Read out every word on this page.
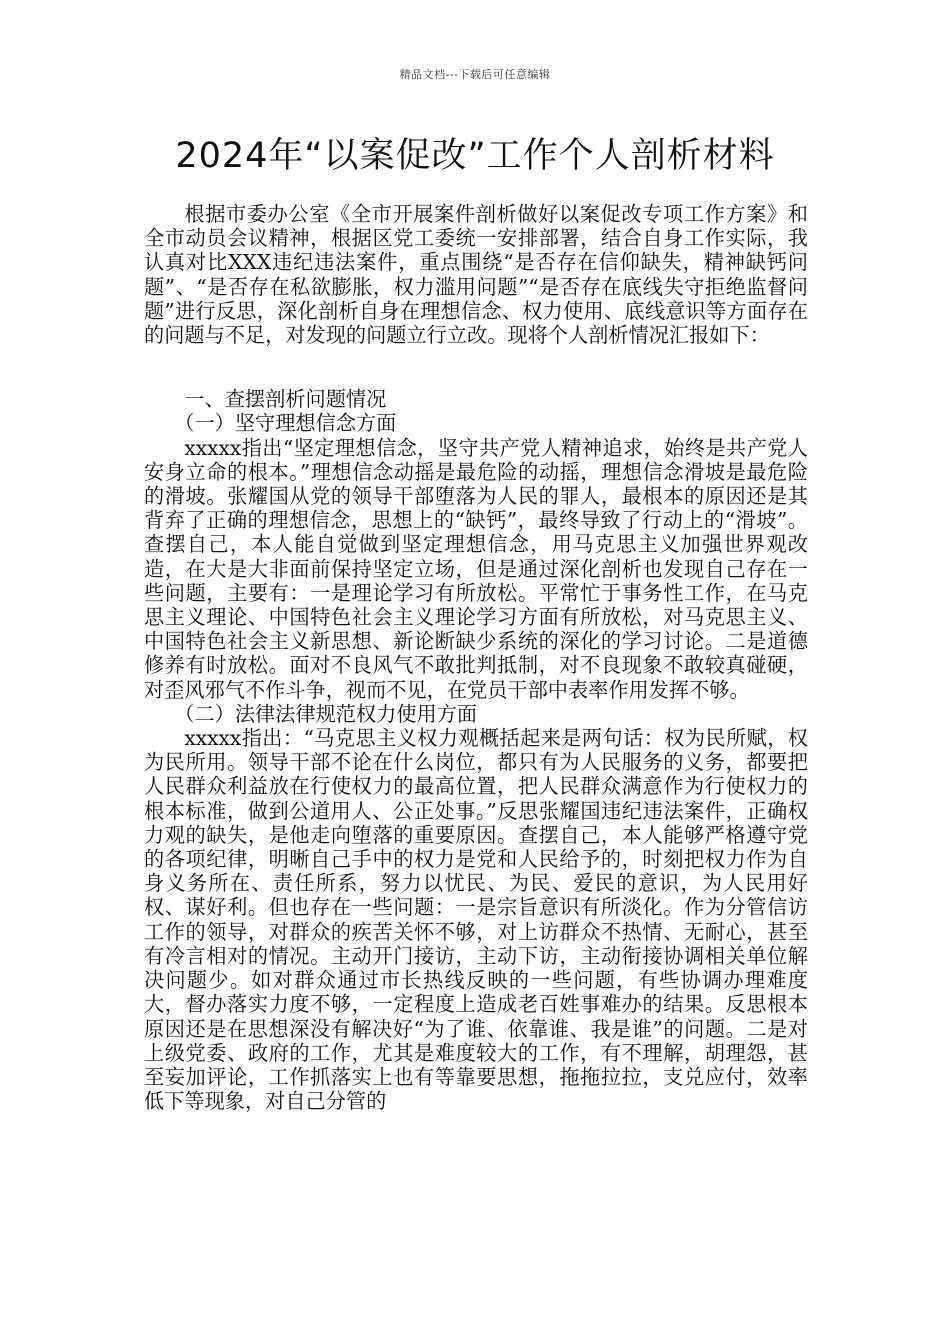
精品文档---下载后可任意编辑
2024年“以案促改”工作个人剖析材料

根据市委办公室《全市开展案件剖析做好以案促改专项工作方案》和全市动员会议精神，根据区党工委统一安排部署，结合自身工作实际，我认真对比XXX违纪违法案件，重点围绕“是否存在信仰缺失，精神缺钙问题”、“是否存在私欲膨胀，权力滥用问题”“是否存在底线失守拒绝监督问题”进行反思，深化剖析自身在理想信念、权力使用、底线意识等方面存在的问题与不足，对发现的问题立行立改。现将个人剖析情况汇报如下：

一、查摆剖析问题情况
（一）坚守理想信念方面

xxxxx指出“坚定理想信念，坚守共产党人精神追求，始终是共产党人安身立命的根本。”理想信念动摇是最危险的动摇，理想信念滑坡是最危险的滑坡。张耀国从党的领导干部堕落为人民的罪人，最根本的原因还是其背弃了正确的理想信念，思想上的“缺钙”，最终导致了行动上的“滑坡”。查摆自己，本人能自觉做到坚定理想信念，用马克思主义加强世界观改造，在大是大非面前保持坚定立场，但是通过深化剖析也发现自己存在一些问题，主要有：一是理论学习有所放松。平常忙于事务性工作，在马克思主义理论、中国特色社会主义理论学习方面有所放松，对马克思主义、中国特色社会主义新思想、新论断缺少系统的深化的学习讨论。二是道德修养有时放松。面对不良风气不敢批判抵制，对不良现象不敢较真碰硬，对歪风邪气不作斗争，视而不见，在党员干部中表率作用发挥不够。

（二）法律法律规范权力使用方面

xxxxx指出：“马克思主义权力观概括起来是两句话：权为民所赋，权为民所用。领导干部不论在什么岗位，都只有为人民服务的义务，都要把人民群众利益放在行使权力的最高位置，把人民群众满意作为行使权力的根本标准，做到公道用人、公正处事。”反思张耀国违纪违法案件，正确权力观的缺失，是他走向堕落的重要原因。查摆自己，本人能够严格遵守党的各项纪律，明晰自己手中的权力是党和人民给予的，时刻把权力作为自身义务所在、责任所系，努力以忧民、为民、爱民的意识，为人民用好权、谋好利。但也存在一些问题：一是宗旨意识有所淡化。作为分管信访工作的领导，对群众的疾苦关怀不够，对上访群众不热情、无耐心，甚至有冷言相对的情况。主动开门接访，主动下访，主动衔接协调相关单位解决问题少。如对群众通过市长热线反映的一些问题，有些协调办理难度大，督办落实力度不够，一定程度上造成老百姓事难办的结果。反思根本原因还是在思想深没有解决好“为了谁、依靠谁、我是谁”的问题。二是对上级党委、政府的工作，尤其是难度较大的工作，有不理解，胡理怨，甚至妄加评论，工作抓落实上也有等靠要思想，拖拖拉拉，支兑应付，效率低下等现象，对自己分管的
